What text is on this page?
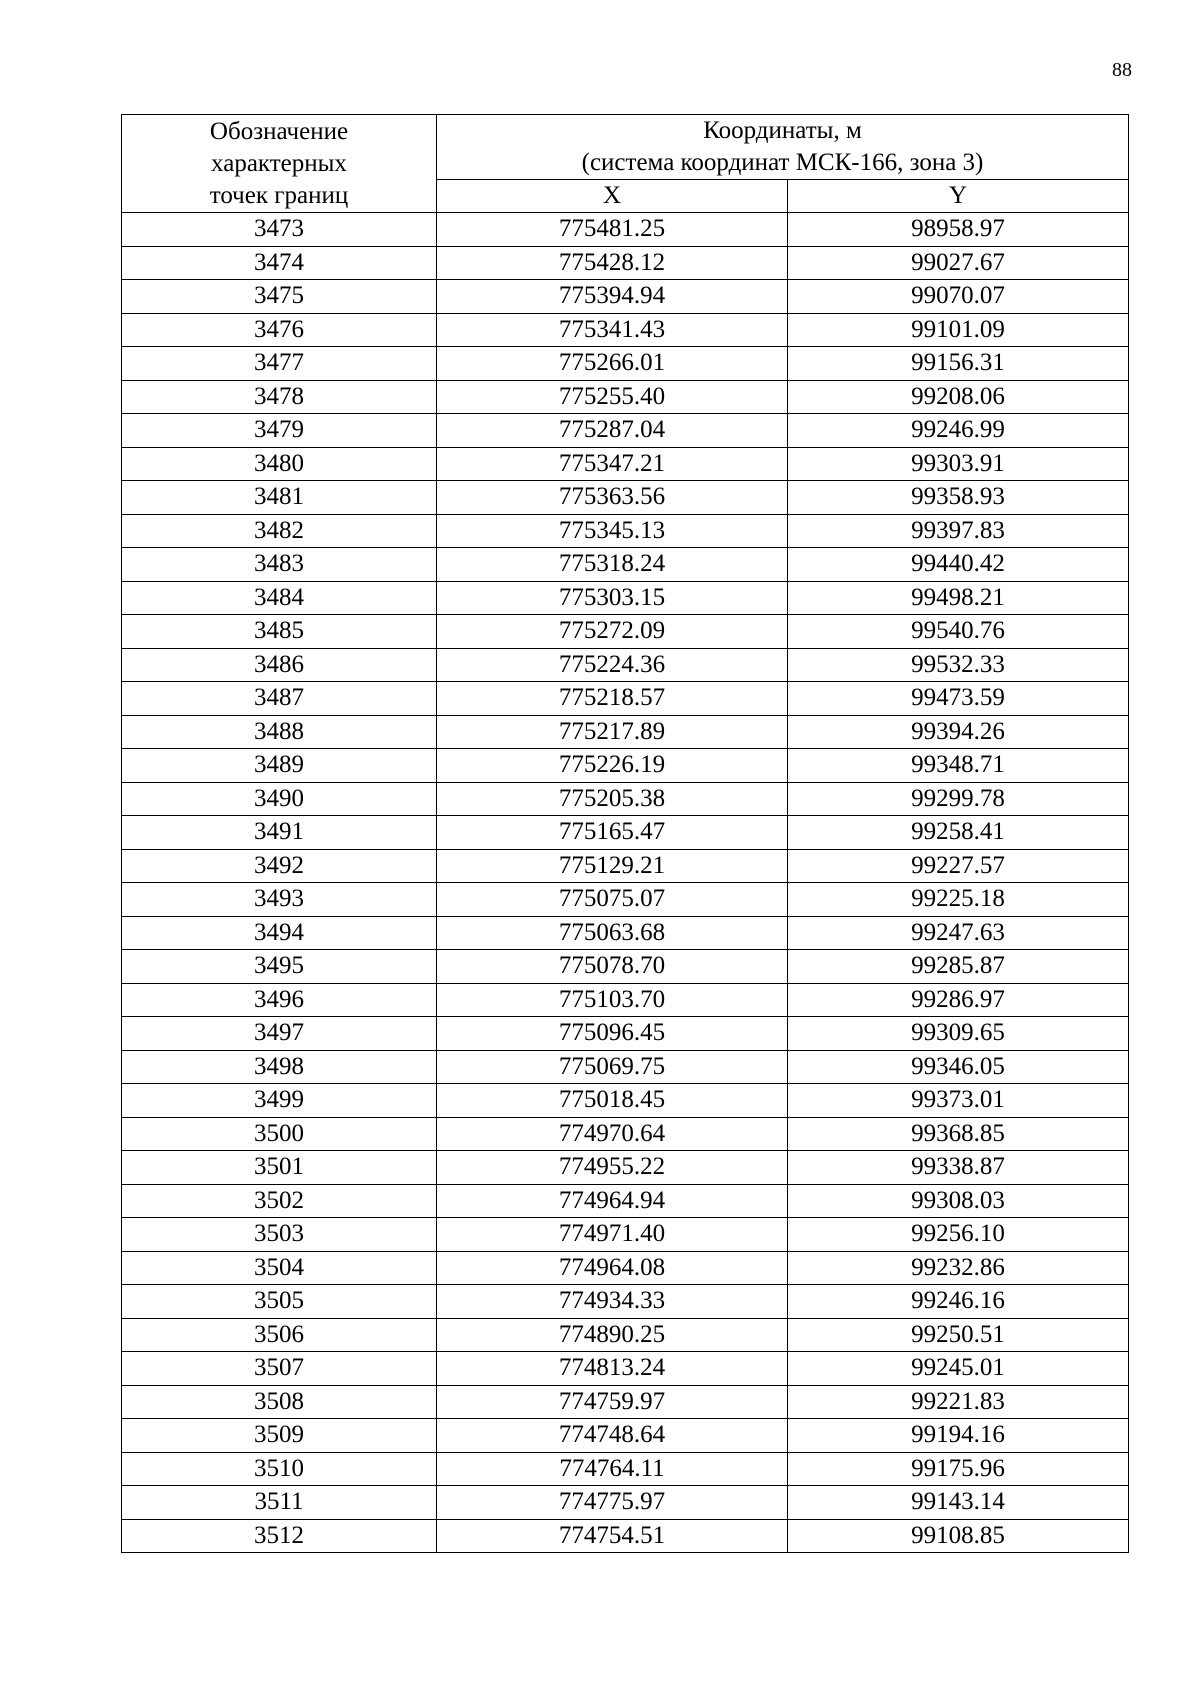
88
Обозначение
характерных
точек границ	Координаты, м
(система координат МСК-166, зона 3)	

	X	Y
3473	775481.25	98958.97
3474	775428.12	99027.67
3475	775394.94	99070.07
3476	775341.43	99101.09
3477	775266.01	99156.31
3478	775255.40	99208.06
3479	775287.04	99246.99
3480	775347.21	99303.91
3481	775363.56	99358.93
3482	775345.13	99397.83
3483	775318.24	99440.42
3484	775303.15	99498.21
3485	775272.09	99540.76
3486	775224.36	99532.33
3487	775218.57	99473.59
3488	775217.89	99394.26
3489	775226.19	99348.71
3490	775205.38	99299.78
3491	775165.47	99258.41
3492	775129.21	99227.57
3493	775075.07	99225.18
3494	775063.68	99247.63
3495	775078.70	99285.87
3496	775103.70	99286.97
3497	775096.45	99309.65
3498	775069.75	99346.05
3499	775018.45	99373.01
3500	774970.64	99368.85
3501	774955.22	99338.87
3502	774964.94	99308.03
3503	774971.40	99256.10
3504	774964.08	99232.86
3505	774934.33	99246.16
3506	774890.25	99250.51
3507	774813.24	99245.01
3508	774759.97	99221.83
3509	774748.64	99194.16
3510	774764.11	99175.96
3511	774775.97	99143.14
3512	774754.51	99108.85
